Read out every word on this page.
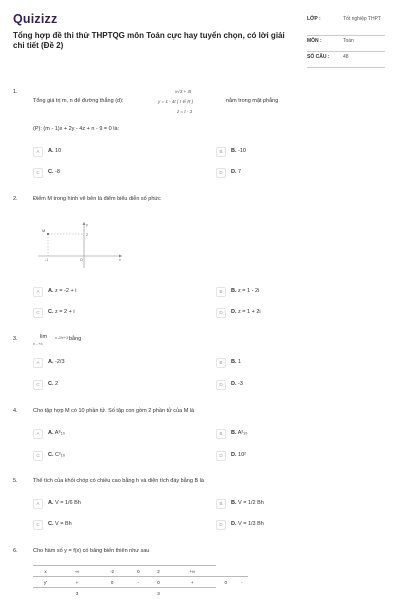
Quizizz
Tổng hợp đề thi thử THPTQG môn Toán cực hay tuyển chọn, có lời giải chi tiết (Đề 2)
LỚP :	Tốt nghiệp THPT
MÔN :	Toán
SỐ CÂU :	48
1.	x√3 + 4t
Tổng giá trị m, n để đường thẳng (d):	y = 1 - 4t ( t ∈ R )	nằm trong mặt phẳng
z = t - 3
(P): (m - 1)x + 2y - 4z + n - 9 = 0 là:
A	A. 10	B	B. -10
C	C. -8	D	D. 7
2.	Điểm M trong hình vẽ bên là điểm biểu diễn số phức
M
2
-1	O	x
y
A	A. z = -2 + i	B	B. z = 1 - 2i
C	C. z = 2 + i	D	D. z = 1 + 2i
3.	lim
x→+∞
x-2/x+3 bằng
A	A. -2/3	B	B. 1
C	C. 2	D	D. -3
4.	Cho tập hợp M có 10 phần tử. Số tập con gồm 2 phần tử của M là
A	A. A⁸₁₀	B	B. A²₁₀
C	C. C²₁₀	D	D. 10²
5.	Thể tích của khối chóp có chiều cao bằng h và diện tích đáy bằng B là
A	A. V = 1/6 Bh	B	B. V = 1/2 Bh
C	C. V = Bh	D	D. V = 1/3 Bh
6.	Cho hàm số y = f(x) có bảng biến thiên như sau
x	-∞	-2	0	2	+∞		
y'	+	0	-	0	+	0	-
	3			3			
